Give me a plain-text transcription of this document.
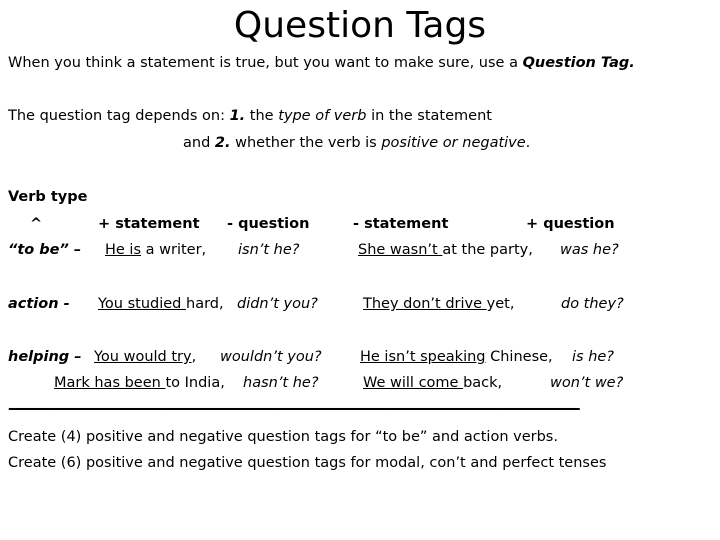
Question Tags
When you think a statement is true, but you want to make sure, use a Question Tag.
The question tag depends on: 1. the type of verb in the statement
and 2. whether the verb is positive or negative.
Verb type
^	+ statement - question	- statement	+ question
“to be” – He is a writer, isn’t he?	She wasn’t at the party, was he?
action - You studied hard, didn’t you?	They don’t drive yet,	do they?
helping – You would try, wouldn’t you?	He isn’t speaking Chinese, is he?
Mark has been to India, hasn’t he?	We will come back,	won’t we?
----------------------------------------------------------------------------------------------------------------------------------------------
Create (4) positive and negative question tags for “to be” and action verbs.
Create (6) positive and negative question tags for modal, con’t and perfect tenses
